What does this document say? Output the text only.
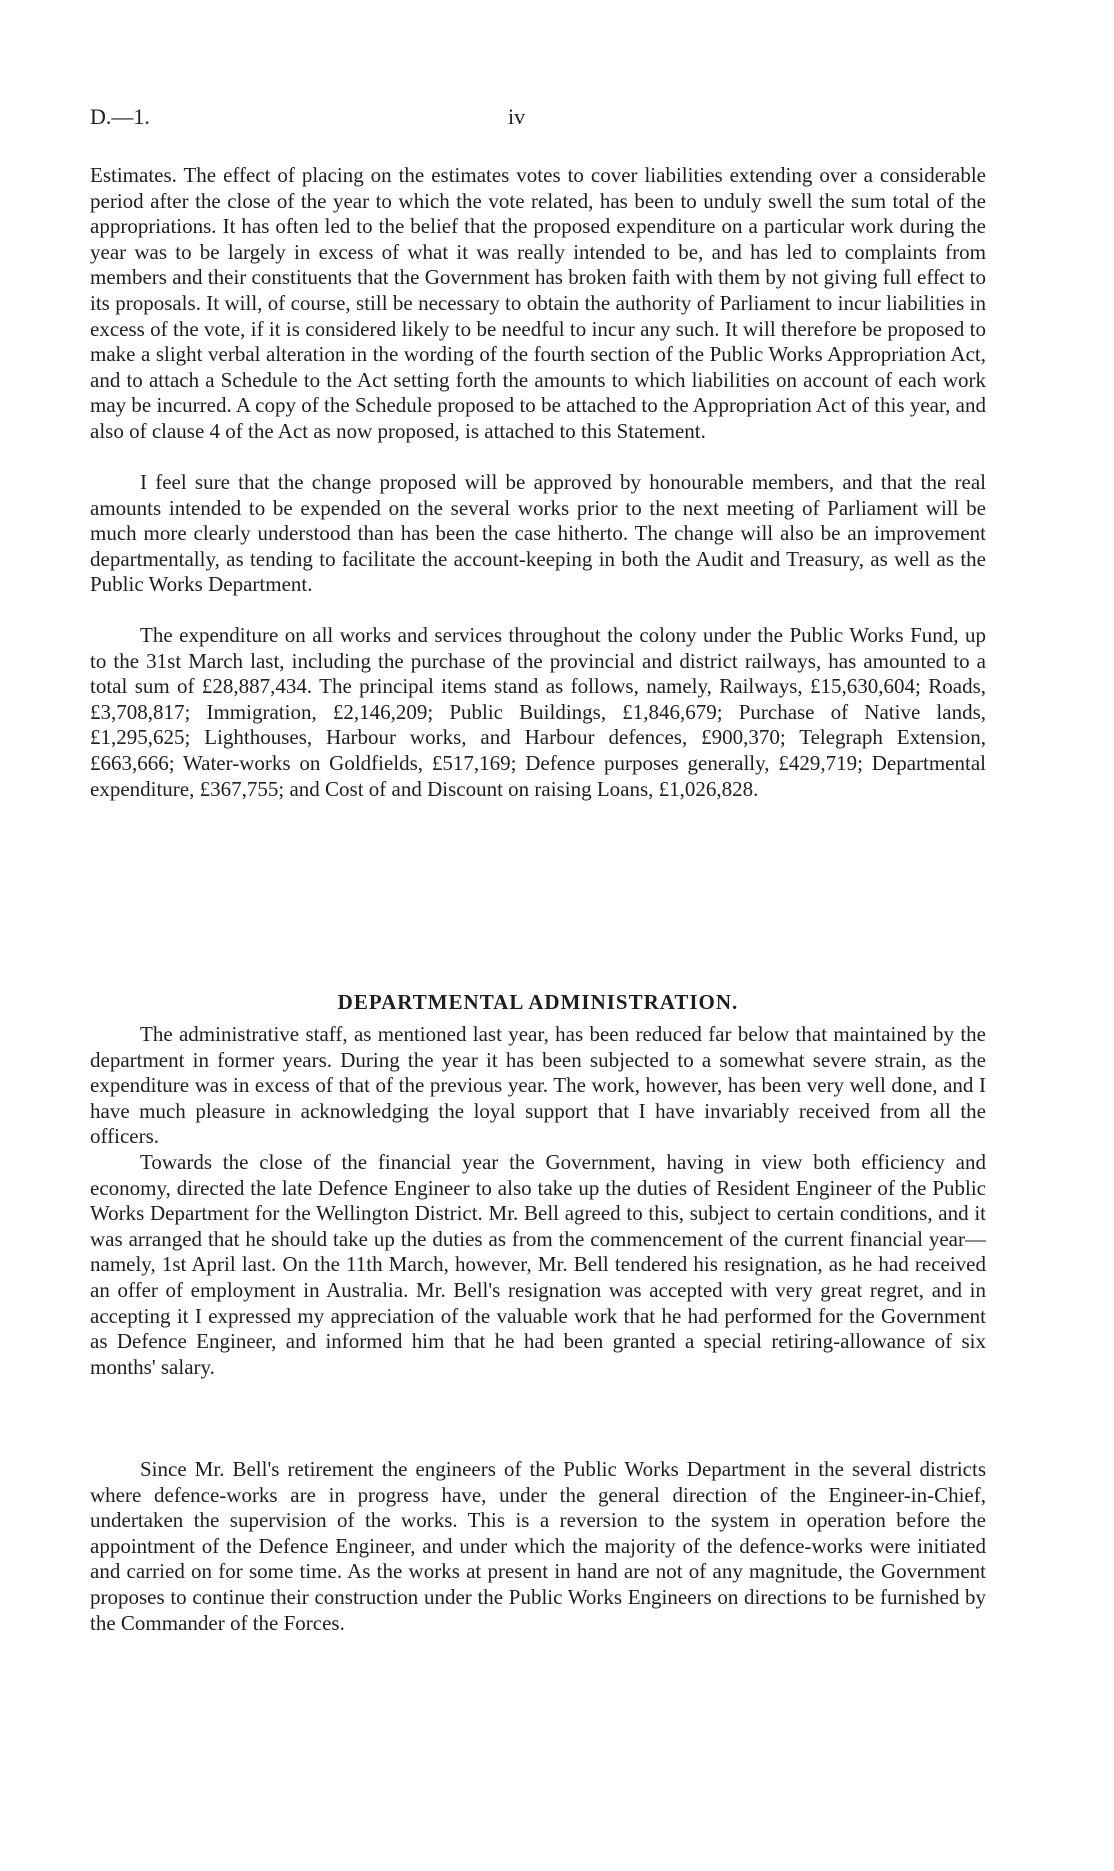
D.—1.	iv

Estimates. The effect of placing on the estimates votes to cover liabilities extending over a considerable period after the close of the year to which the vote related, has been to unduly swell the sum total of the appropriations. It has often led to the belief that the proposed expenditure on a particular work during the year was to be largely in excess of what it was really intended to be, and has led to complaints from members and their constituents that the Government has broken faith with them by not giving full effect to its proposals. It will, of course, still be necessary to obtain the authority of Parliament to incur liabilities in excess of the vote, if it is considered likely to be needful to incur any such. It will therefore be proposed to make a slight verbal alteration in the wording of the fourth section of the Public Works Appropriation Act, and to attach a Schedule to the Act setting forth the amounts to which liabilities on account of each work may be incurred. A copy of the Schedule proposed to be attached to the Appropriation Act of this year, and also of clause 4 of the Act as now proposed, is attached to this Statement.

I feel sure that the change proposed will be approved by honourable members, and that the real amounts intended to be expended on the several works prior to the next meeting of Parliament will be much more clearly understood than has been the case hitherto. The change will also be an improvement departmentally, as tending to facilitate the account-keeping in both the Audit and Treasury, as well as the Public Works Department.

The expenditure on all works and services throughout the colony under the Public Works Fund, up to the 31st March last, including the purchase of the provincial and district railways, has amounted to a total sum of £28,887,434. The principal items stand as follows, namely, Railways, £15,630,604; Roads, £3,708,817; Immigration, £2,146,209; Public Buildings, £1,846,679; Purchase of Native lands, £1,295,625; Lighthouses, Harbour works, and Harbour defences, £900,370; Telegraph Extension, £663,666; Water-works on Goldfields, £517,169; Defence purposes generally, £429,719; Departmental expenditure, £367,755; and Cost of and Discount on raising Loans, £1,026,828.

DEPARTMENTAL ADMINISTRATION.

The administrative staff, as mentioned last year, has been reduced far below that maintained by the department in former years. During the year it has been subjected to a somewhat severe strain, as the expenditure was in excess of that of the previous year. The work, however, has been very well done, and I have much pleasure in acknowledging the loyal support that I have invariably received from all the officers.

Towards the close of the financial year the Government, having in view both efficiency and economy, directed the late Defence Engineer to also take up the duties of Resident Engineer of the Public Works Department for the Wellington District. Mr. Bell agreed to this, subject to certain conditions, and it was arranged that he should take up the duties as from the commencement of the current financial year—namely, 1st April last. On the 11th March, however, Mr. Bell tendered his resignation, as he had received an offer of employment in Australia. Mr. Bell's resignation was accepted with very great regret, and in accepting it I expressed my appreciation of the valuable work that he had performed for the Government as Defence Engineer, and informed him that he had been granted a special retiring-allowance of six months' salary.

Since Mr. Bell's retirement the engineers of the Public Works Department in the several districts where defence-works are in progress have, under the general direction of the Engineer-in-Chief, undertaken the supervision of the works. This is a reversion to the system in operation before the appointment of the Defence Engineer, and under which the majority of the defence-works were initiated and carried on for some time. As the works at present in hand are not of any magnitude, the Government proposes to continue their construction under the Public Works Engineers on directions to be furnished by the Commander of the Forces.
